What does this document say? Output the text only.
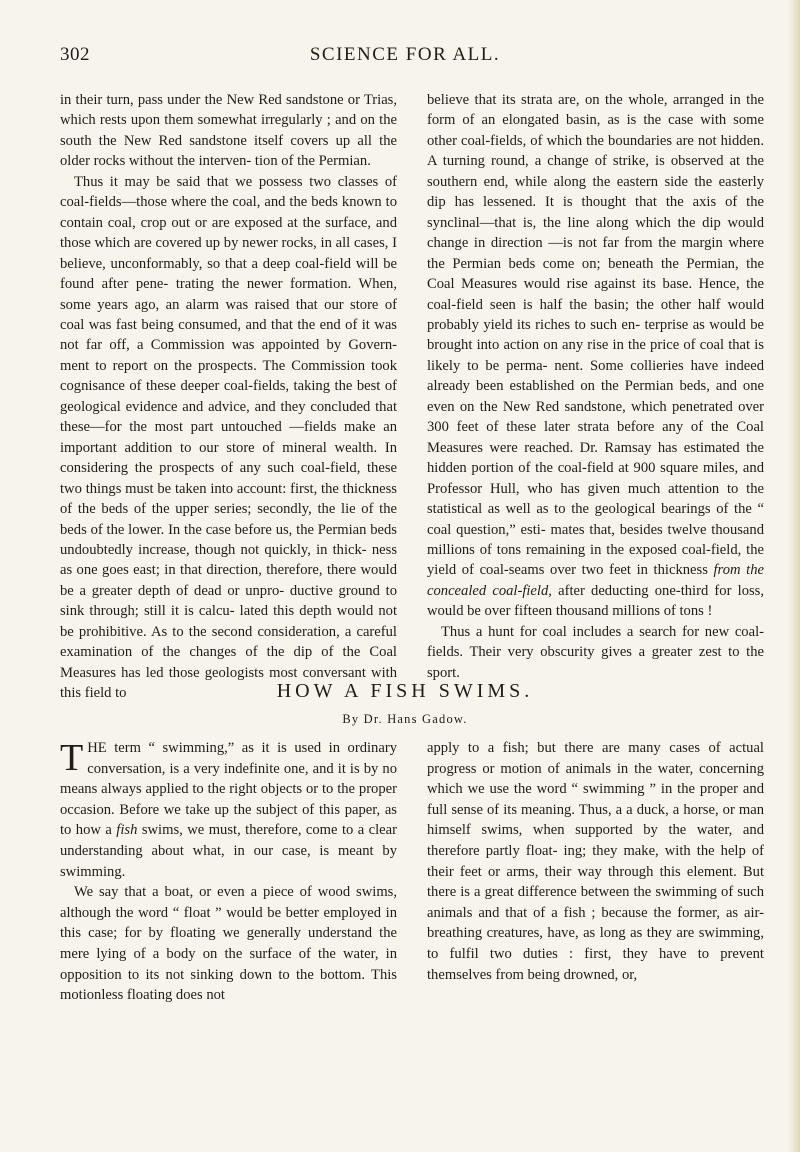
302	SCIENCE FOR ALL.

in their turn, pass under the New Red sandstone or Trias, which rests upon them somewhat irregularly ; and on the south the New Red sandstone itself covers up all the older rocks without the interven- tion of the Permian.

Thus it may be said that we possess two classes of coal-fields—those where the coal, and the beds known to contain coal, crop out or are exposed at the surface, and those which are covered up by newer rocks, in all cases, I believe, unconformably, so that a deep coal-field will be found after pene- trating the newer formation. When, some years ago, an alarm was raised that our store of coal was fast being consumed, and that the end of it was not far off, a Commission was appointed by Govern- ment to report on the prospects. The Commission took cognisance of these deeper coal-fields, taking the best of geological evidence and advice, and they concluded that these—for the most part untouched —fields make an important addition to our store of mineral wealth. In considering the prospects of any such coal-field, these two things must be taken into account: first, the thickness of the beds of the upper series; secondly, the lie of the beds of the lower. In the case before us, the Permian beds undoubtedly increase, though not quickly, in thick- ness as one goes east; in that direction, therefore, there would be a greater depth of dead or unpro- ductive ground to sink through; still it is calcu- lated this depth would not be prohibitive. As to the second consideration, a careful examination of the changes of the dip of the Coal Measures has led those geologists most conversant with this field to

believe that its strata are, on the whole, arranged in the form of an elongated basin, as is the case with some other coal-fields, of which the boundaries are not hidden. A turning round, a change of strike, is observed at the southern end, while along the eastern side the easterly dip has lessened. It is thought that the axis of the synclinal—that is, the line along which the dip would change in direction —is not far from the margin where the Permian beds come on; beneath the Permian, the Coal Measures would rise against its base. Hence, the coal-field seen is half the basin; the other half would probably yield its riches to such en- terprise as would be brought into action on any rise in the price of coal that is likely to be perma- nent. Some collieries have indeed already been established on the Permian beds, and one even on the New Red sandstone, which penetrated over 300 feet of these later strata before any of the Coal Measures were reached. Dr. Ramsay has estimated the hidden portion of the coal-field at 900 square miles, and Professor Hull, who has given much attention to the statistical as well as to the geological bearings of the “ coal question,” esti- mates that, besides twelve thousand millions of tons remaining in the exposed coal-field, the yield of coal-seams over two feet in thickness from the concealed coal-field, after deducting one-third for loss, would be over fifteen thousand millions of tons !

Thus a hunt for coal includes a search for new coal-fields. Their very obscurity gives a greater zest to the sport.

HOW A FISH SWIMS.
By Dr. Hans Gadow.

THE term “ swimming,” as it is used in ordinary conversation, is a very indefinite one, and it is by no means always applied to the right objects or to the proper occasion. Before we take up the subject of this paper, as to how a fish swims, we must, therefore, come to a clear understanding about what, in our case, is meant by swimming.

We say that a boat, or even a piece of wood swims, although the word “ float ” would be better employed in this case; for by floating we generally understand the mere lying of a body on the surface of the water, in opposition to its not sinking down to the bottom. This motionless floating does not

apply to a fish; but there are many cases of actual progress or motion of animals in the water, concerning which we use the word “ swimming ” in the proper and full sense of its meaning. Thus, a a duck, a horse, or man himself swims, when supported by the water, and therefore partly float- ing; they make, with the help of their feet or arms, their way through this element. But there is a great difference between the swimming of such animals and that of a fish ; because the former, as air-breathing creatures, have, as long as they are swimming, to fulfil two duties : first, they have to prevent themselves from being drowned, or,
